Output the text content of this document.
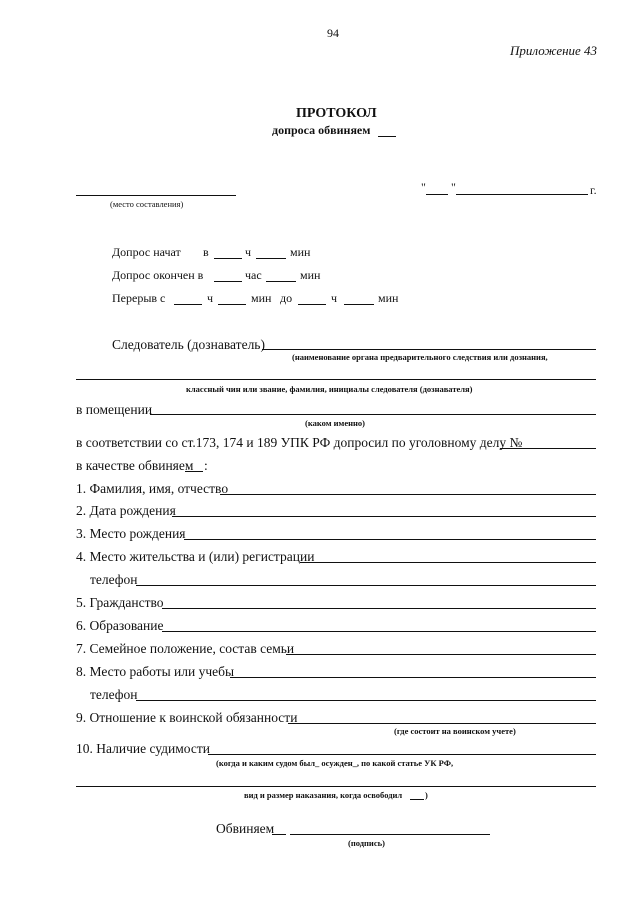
94
Приложение 43
ПРОТОКОЛ
допроса обвиняем
(место составления)
" "	г.
Допрос начат в	ч	мин
Допрос окончен в	час	мин
Перерыв с	ч	мин до	ч	мин
Следователь (дознаватель)
(наименование органа предварительного следствия или дознания,
классный чин или звание, фамилия, инициалы следователя (дознавателя)
в помещении
(каком именно)
в соответствии со ст.173, 174 и 189 УПК РФ допросил по уголовному делу №
в качестве обвиняем :
1. Фамилия, имя, отчество
2. Дата рождения
3. Место рождения
4. Место жительства и (или) регистрации
телефон
5. Гражданство
6. Образование
7. Семейное положение, состав семьи
8. Место работы или учебы
телефон
9. Отношение к воинской обязанности
(где состоит на воинском учете)
10. Наличие судимости
(когда и каким судом был_ осужден_, по какой статье УК РФ,
вид и размер наказания, когда освободил	)
Обвиняем
(подпись)
